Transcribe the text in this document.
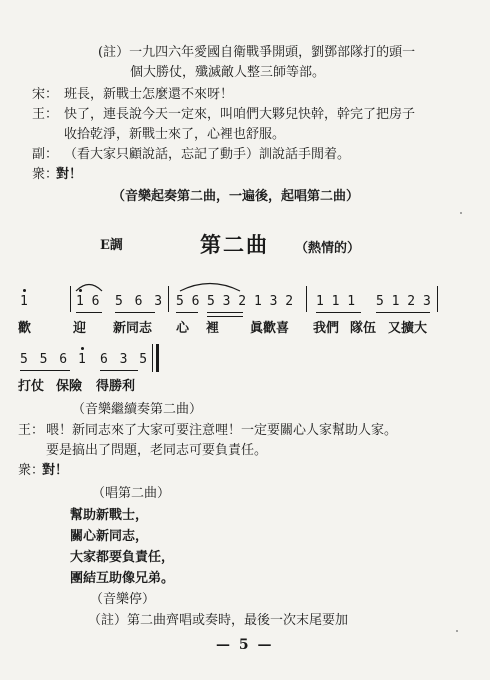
(註）一九四六年愛國自衛戰爭開頭，劉鄧部隊打的頭一
個大勝仗，殲滅敵人整三師等部。
宋： 班長，新戰士怎麼還不來呀！
王： 快了，連長說今天一定來，叫咱們大夥兒快幹，幹完了把房子
收拾乾淨，新戰士來了，心裡也舒服。
副： （看大家只顧說話，忘記了動手）訓說話手閒着。
衆：
對！
（音樂起奏第二曲，一遍後，起唱第二曲）
E調	第二曲 （熱情的）
1	1 6 5 6 3 5 6 5 3 2 1 3 2 1 1 1 5 1 2 3
歡	迎 新同志 心 裡 眞歡喜 我們 隊伍 又擴大
5 5 6 1 6 3 5
打仗 保險 得勝利
（音樂繼續奏第二曲）
王： 喂！新同志來了大家可要注意哩！一定要關心人家幫助人家。
要是搞出了問題，老同志可要負責任。
衆：
對！
（唱第二曲）
幫助新戰士，
關心新同志，
大家都要負責任，
團結互助像兄弟。
（音樂停）
（註）第二曲齊唱或奏時，最後一次末尾要加
— 5 —
